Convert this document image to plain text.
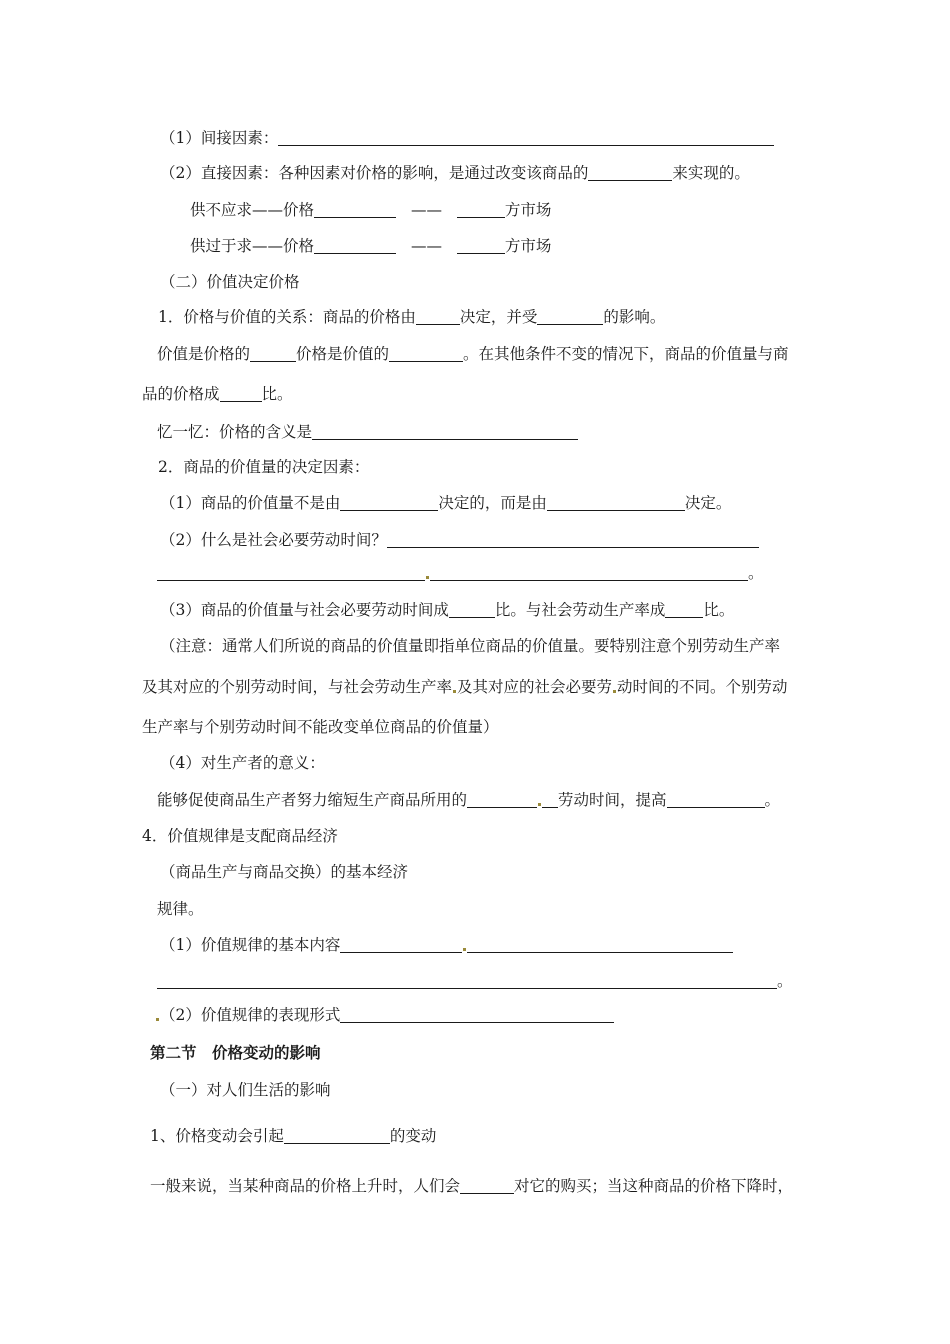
（1）间接因素：
（2）直接因素：各种因素对价格的影响，是通过改变该商品的	来实现的。
供不应求——价格	——	方市场
供过于求——价格	——	方市场
（二）价值决定价格
1．价格与价值的关系：商品的价格由	决定，并受	的影响。
价值是价格的	价格是价值的	。在其他条件不变的情况下，商品的价值量与商
品的价格成	比。
忆一忆：价格的含义是
2．商品的价值量的决定因素：
（1）商品的价值量不是由	决定的，而是由	决定。
（2）什么是社会必要劳动时间？
。
（3）商品的价值量与社会必要劳动时间成	比。与社会劳动生产率成 比。
（注意：通常人们所说的商品的价值量即指单位商品的价值量。要特别注意个别劳动生产率
及其对应的个别劳动时间，与社会劳动生产率 及其对应的社会必要劳 动时间的不同。个别劳动
生产率与个别劳动时间不能改变单位商品的价值量）
（4）对生产者的意义：
能够促使商品生产者努力缩短生产商品所用的	劳动时间，提高	。
4．价值规律是支配商品经济
（商品生产与商品交换）的基本经济
规律。
（1）价值规律的基本内容
。
（2）价值规律的表现形式
第二节　价格变动的影响
（一）对人们生活的影响
1、价格变动会引起	的变动
一般来说，当某种商品的价格上升时，人们会	对它的购买；当这种商品的价格下降时，
